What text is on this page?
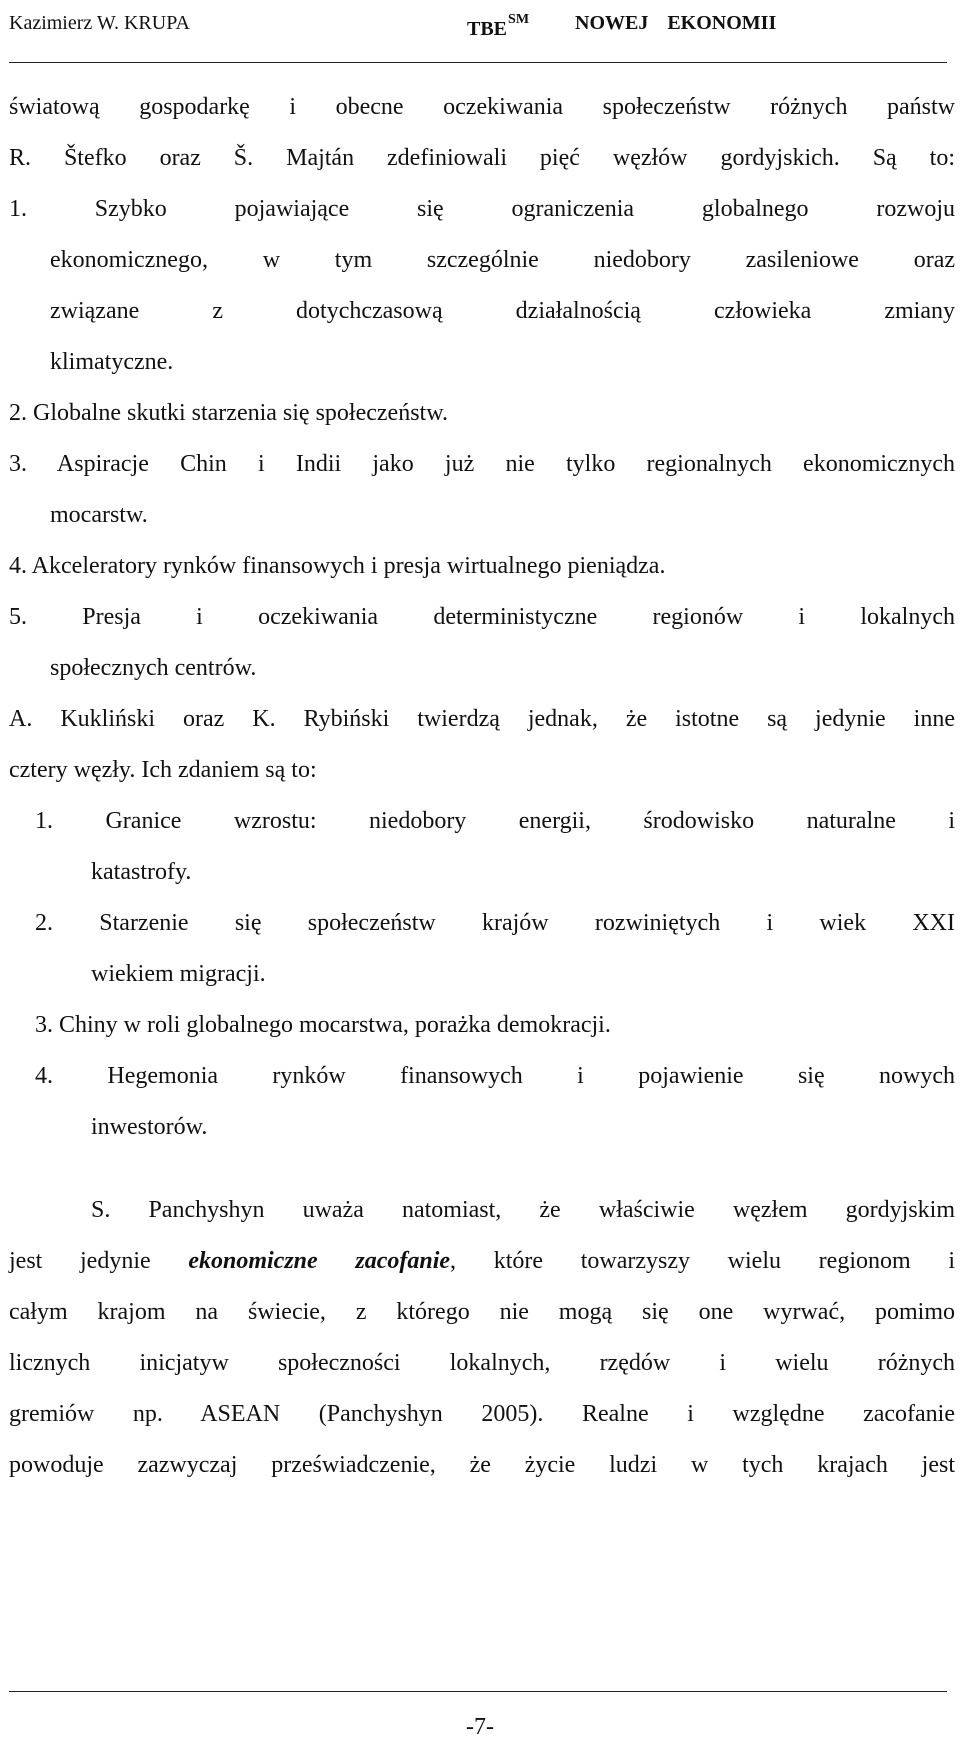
Kazimierz W. KRUPA	TBE℠ NOWEJ EKONOMII

światową gospodarkę i obecne oczekiwania społeczeństw różnych państw

R. Štefko oraz Š. Majtán zdefiniowali pięć węzłów gordyjskich. Są to:

1. Szybko pojawiające się ograniczenia globalnego rozwoju
ekonomicznego, w tym szczególnie niedobory zasileniowe oraz
związane z dotychczasową działalnością człowieka zmiany
klimatyczne.
2. Globalne skutki starzenia się społeczeństw.
3. Aspiracje Chin i Indii jako już nie tylko regionalnych ekonomicznych
mocarstw.
4. Akceleratory rynków finansowych i presja wirtualnego pieniądza.
5. Presja i oczekiwania deterministyczne regionów i lokalnych
społecznych centrów.

A. Kukliński oraz K. Rybiński twierdzą jednak, że istotne są jedynie inne

cztery węzły. Ich zdaniem są to:

1. Granice wzrostu: niedobory energii, środowisko naturalne i
katastrofy.
2. Starzenie się społeczeństw krajów rozwiniętych i wiek XXI
wiekiem migracji.
3. Chiny w roli globalnego mocarstwa, porażka demokracji.
4. Hegemonia rynków finansowych i pojawienie się nowych
inwestorów.

S. Panchyshyn uważa natomiast, że właściwie węzłem gordyjskim

jest jedynie ekonomiczne zacofanie, które towarzyszy wielu regionom i

całym krajom na świecie, z którego nie mogą się one wyrwać, pomimo

licznych inicjatyw społeczności lokalnych, rzędów i wielu różnych

gremiów np. ASEAN (Panchyshyn 2005). Realne i względne zacofanie

powoduje zazwyczaj przeświadczenie, że życie ludzi w tych krajach jest

-7-
